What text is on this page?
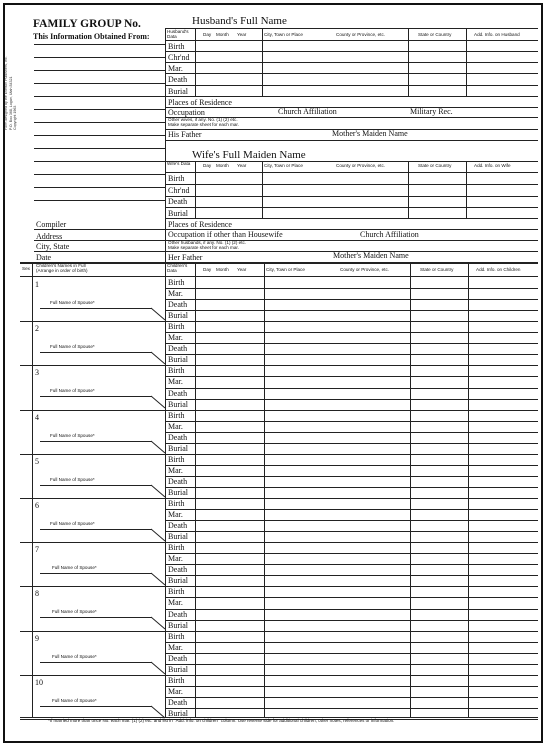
Form designed by the Everton Publishers, Inc. P.O. Box 368, Logan, Utah 84321 Copyright 1963
FAMILY GROUP No.
This Information Obtained From:
Husband's Full Name
Husband's Data	Day Month Year	City, Town or Place	County or Province, etc.	State or Country	Add. Info. on Husband
Birth
Chr'nd
Mar.
Death
Burial
Places of Residence
Occupation	Church Affiliation	Military Rec.
Other wives, if any. No. (1) (2) etc.
Make separate sheet for each mar.
His Father	Mother's Maiden Name
Wife's Full Maiden Name
Wife's Data	Day Month Year	City, Town or Place	County or Province, etc.	State or Country	Add. Info. on Wife
Birth
Chr'nd
Death
Burial
Places of Residence
Occupation if other than Housewife	Church Affiliation
Other husbands, if any. No. (1) (2) etc.
Make separate sheet for each mar.
Her Father	Mother's Maiden Name
Compiler
Address
City, State
Date
Sex
Children's Names in Full
(Arrange in order of birth)
Children's Data	Day Month Year	City, Town or Place	County or Province, etc.	State or Country	Add. Info. on Children
1
Full Name of Spouse*
Birth
Mar.
Death
Burial
2
Full Name of Spouse*
Birth
Mar.
Death
Burial
3
Full Name of Spouse*
Birth
Mar.
Death
Burial
4
Full Name of Spouse*
Birth
Mar.
Death
Burial
5
Full Name of Spouse*
Birth
Mar.
Death
Burial
6
Full Name of Spouse*
Birth
Mar.
Death
Burial
7
Full Name of Spouse*
Birth
Mar.
Death
Burial
8
Full Name of Spouse*
Birth
Mar.
Death
Burial
9
Full Name of Spouse*
Birth
Mar.
Death
Burial
10
Full Name of Spouse*
Birth
Mar.
Death
Burial
*If married more than once No. each mar. (1) (2) etc. and list in "Add. info. on children" column. Use reverse side for additional children, other notes, references or information.
